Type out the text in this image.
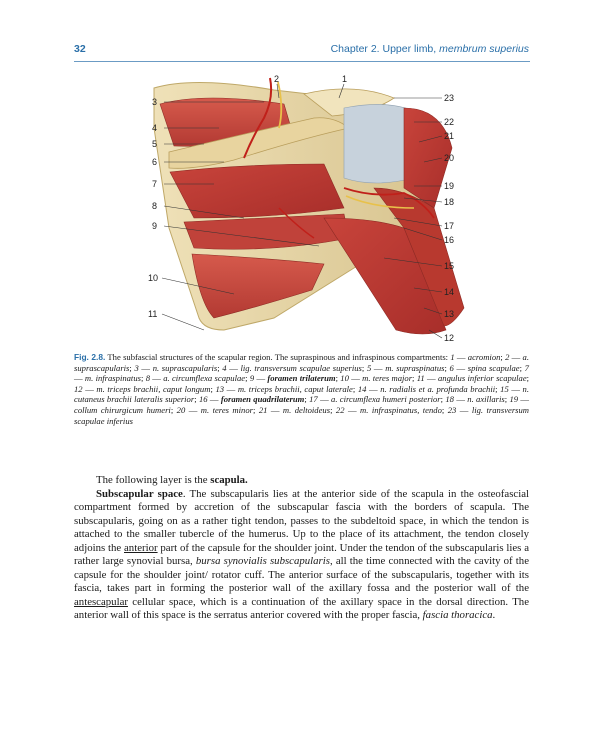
32	Chapter 2. Upper limb, membrum superius
3
4
5
6
7
8
9
10
11
2	1
23
22
21
20
19
18
17
16
15
14
13
12
Fig. 2.8. The subfascial structures of the scapular region. The supraspinous and infraspinous compartments: 1 — acromion; 2 — a. suprascapularis; 3 — n. suprascapularis; 4 — lig. transversum scapulae superius; 5 — m. supraspinatus; 6 — spina scapulae; 7 — m. infraspinatus; 8 — a. circumflexa scapulae; 9 — foramen trilaterum; 10 — m. teres major; 11 — angulus inferior scapulae; 12 — m. triceps brachii, caput longum; 13 — m. triceps brachii, caput laterale; 14 — n. radialis et a. profunda brachii; 15 — n. cutaneus brachii lateralis superior; 16 — foramen quadrilaterum; 17 — a. circumflexa humeri posterior; 18 — n. axillaris; 19 — collum chirurgicum humeri; 20 — m. teres minor; 21 — m. deltoideus; 22 — m. infraspinatus, tendo; 23 — lig. transversum scapulae inferius

The following layer is the scapula.

Subscapular space. The subscapularis lies at the anterior side of the scapula in the osteofascial compartment formed by accretion of the subscapular fascia with the borders of scapula. The subscapularis, going on as a rather tight tendon, passes to the subdeltoid space, in which the tendon is attached to the smaller tubercle of the humerus. Up to the place of its attachment, the tendon closely adjoins the anterior part of the capsule for the shoulder joint. Under the tendon of the subscapularis lies a rather large synovial bursa, bursa synovialis subscapularis, all the time connected with the cavity of the capsule for the shoulder joint/ rotator cuff. The anterior surface of the subscapularis, together with its fascia, takes part in forming the posterior wall of the axillary fossa and the posterior wall of the antescapular cellular space, which is a continuation of the axillary space in the dorsal direction. The anterior wall of this space is the serratus anterior covered with the proper fascia, fascia thoracica.
